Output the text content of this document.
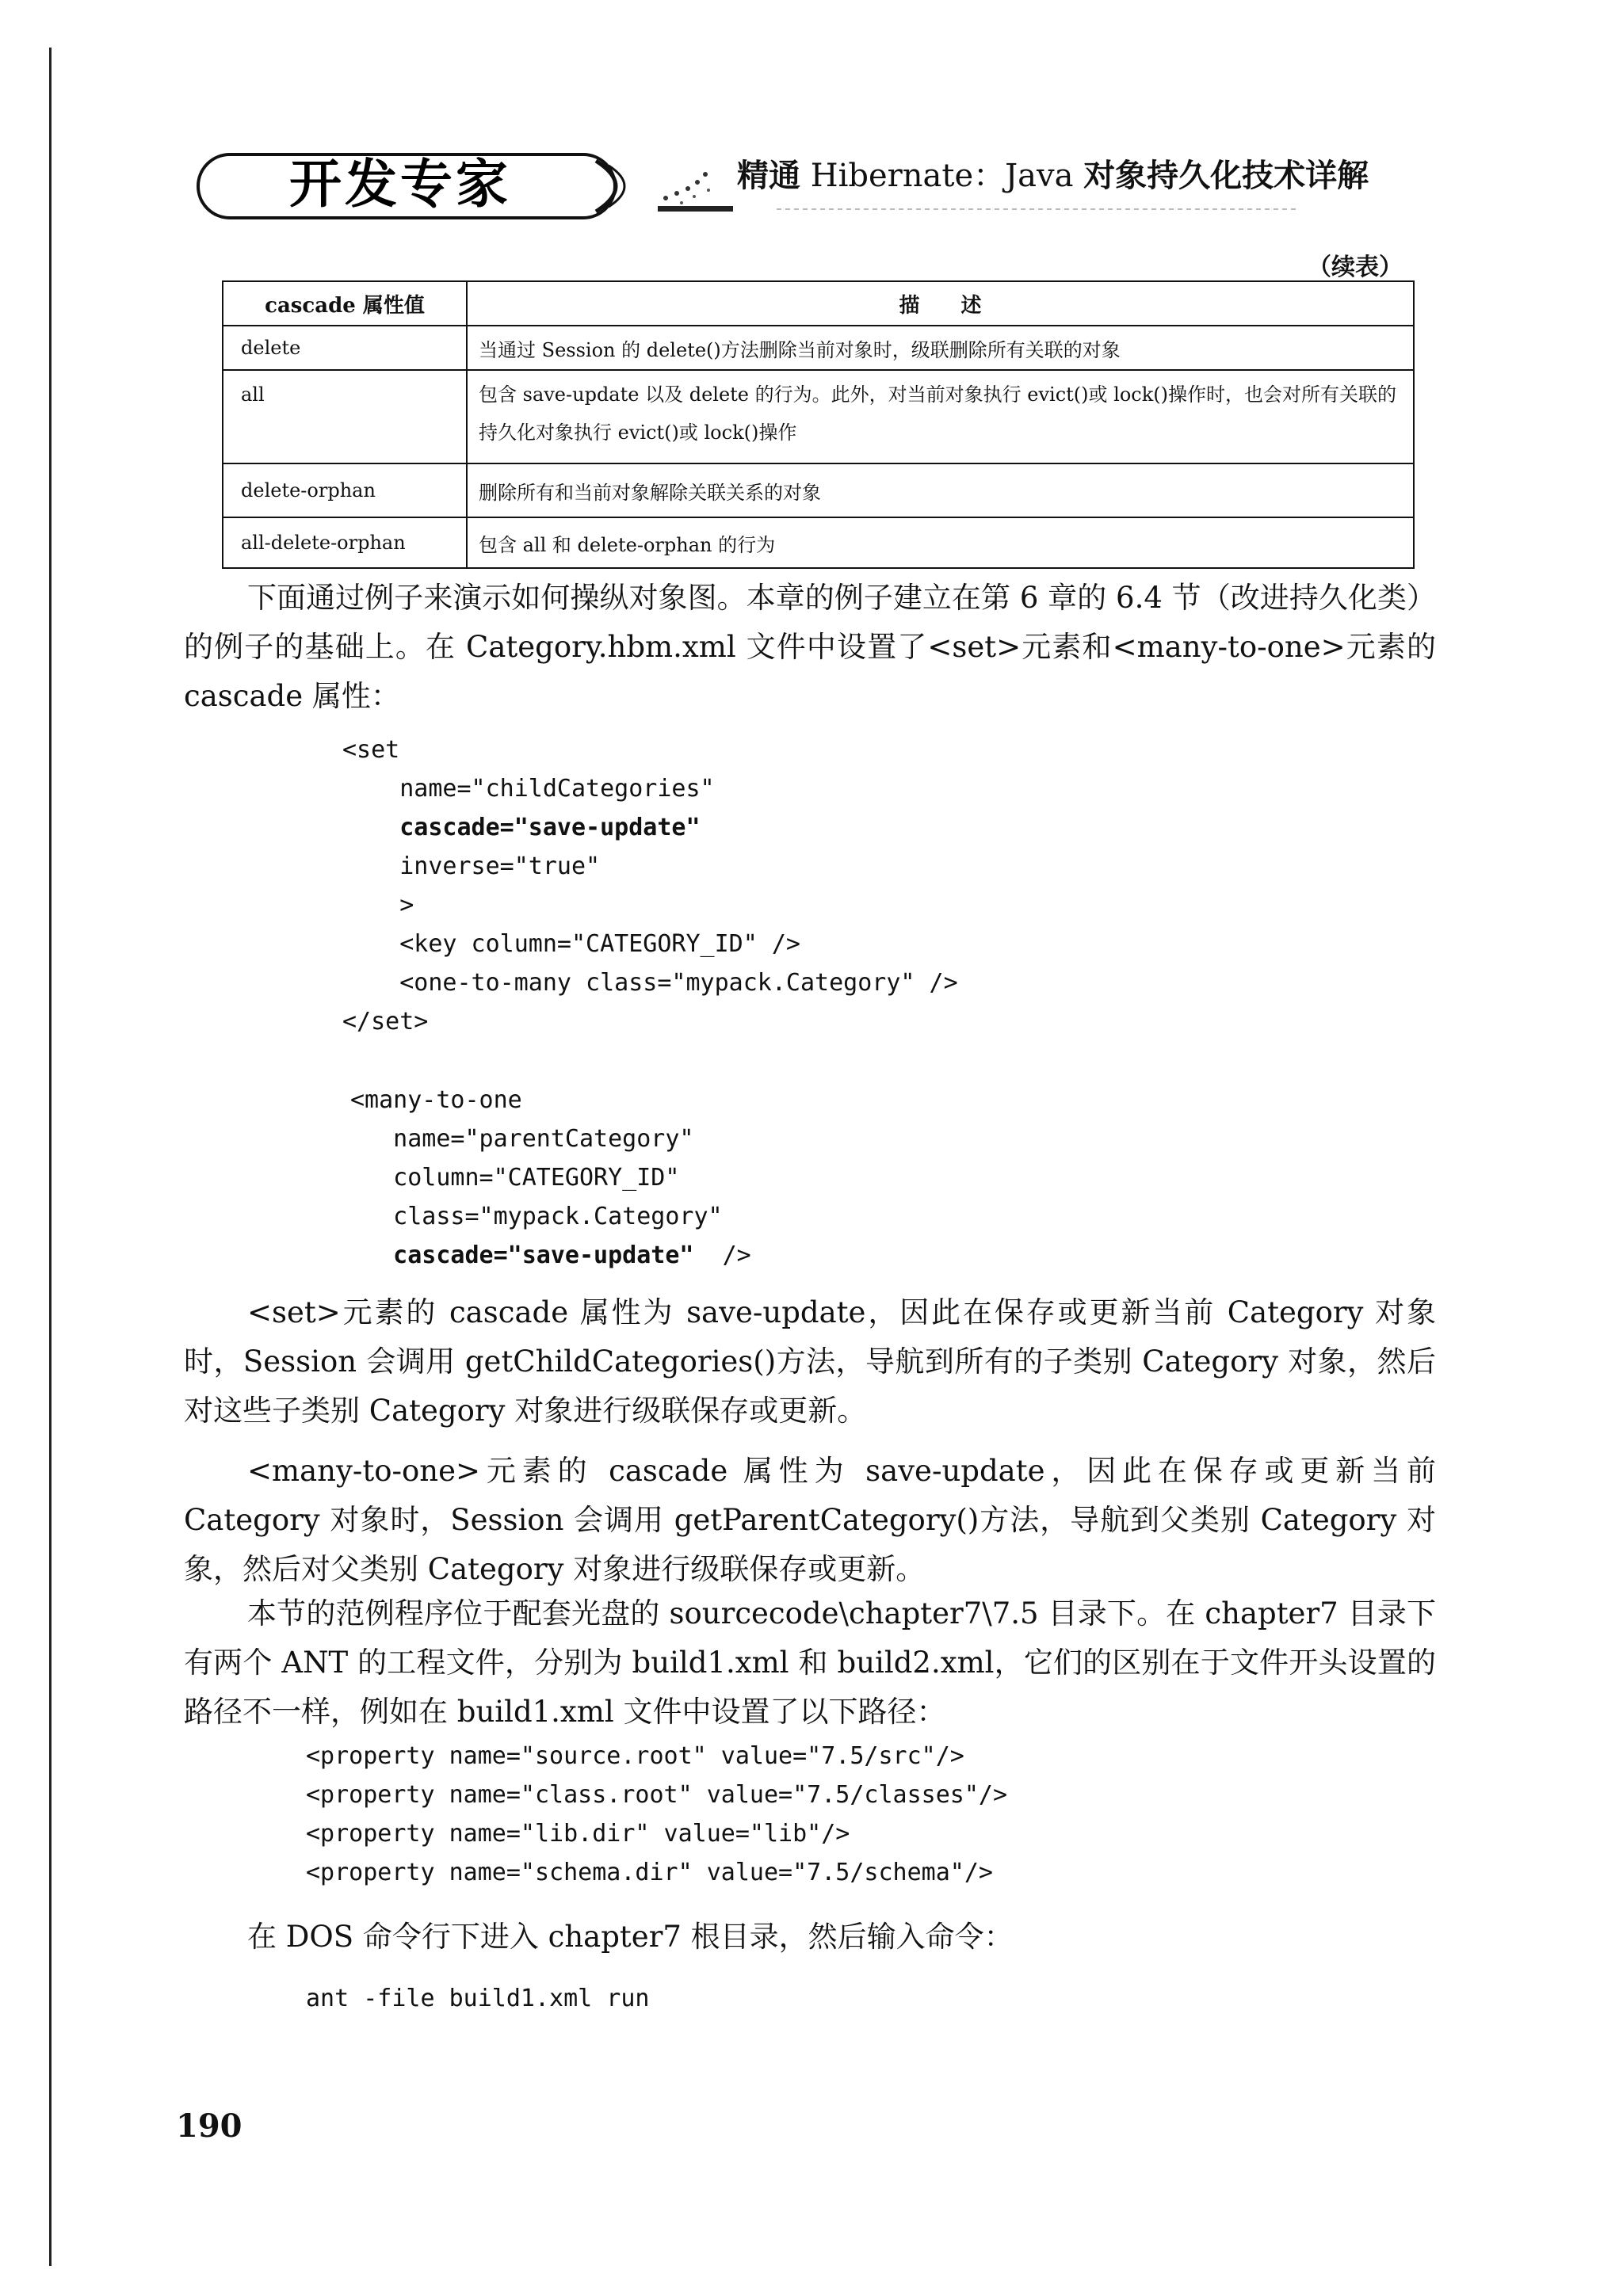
开发专家	精通 Hibernate：Java 对象持久化技术详解
（续表）
cascade 属性值	描　　述
delete	当通过 Session 的 delete()方法删除当前对象时，级联删除所有关联的对象
all	包含 save-update 以及 delete 的行为。此外，对当前对象执行 evict()或 lock()操作时，也会对所有关联的持久化对象执行 evict()或 lock()操作
delete-orphan	删除所有和当前对象解除关联关系的对象
all-delete-orphan	包含 all 和 delete-orphan 的行为

下面通过例子来演示如何操纵对象图。本章的例子建立在第 6 章的 6.4 节（改进持久化类）的例子的基础上。在 Category.hbm.xml 文件中设置了<set>元素和<many-to-one>元素的 cascade 属性：

<set
name="childCategories"
cascade="save-update"
inverse="true"
>
<key column="CATEGORY_ID" />
<one-to-many class="mypack.Category" />
</set>
<many-to-one
name="parentCategory"
column="CATEGORY_ID"
class="mypack.Category"
cascade="save-update"  />

<set>元素的 cascade 属性为 save-update，因此在保存或更新当前 Category 对象时，Session 会调用 getChildCategories()方法，导航到所有的子类别 Category 对象，然后对这些子类别 Category 对象进行级联保存或更新。

<many-to-one>元素的 cascade 属性为 save-update，因此在保存或更新当前 Category 对象时，Session 会调用 getParentCategory()方法，导航到父类别 Category 对象，然后对父类别 Category 对象进行级联保存或更新。

本节的范例程序位于配套光盘的 sourcecode\chapter7\7.5 目录下。在 chapter7 目录下有两个 ANT 的工程文件，分别为 build1.xml 和 build2.xml，它们的区别在于文件开头设置的路径不一样，例如在 build1.xml 文件中设置了以下路径：

<property name="source.root" value="7.5/src"/>
<property name="class.root" value="7.5/classes"/>
<property name="lib.dir" value="lib"/>
<property name="schema.dir" value="7.5/schema"/>

在 DOS 命令行下进入 chapter7 根目录，然后输入命令：

ant -file build1.xml run
190
